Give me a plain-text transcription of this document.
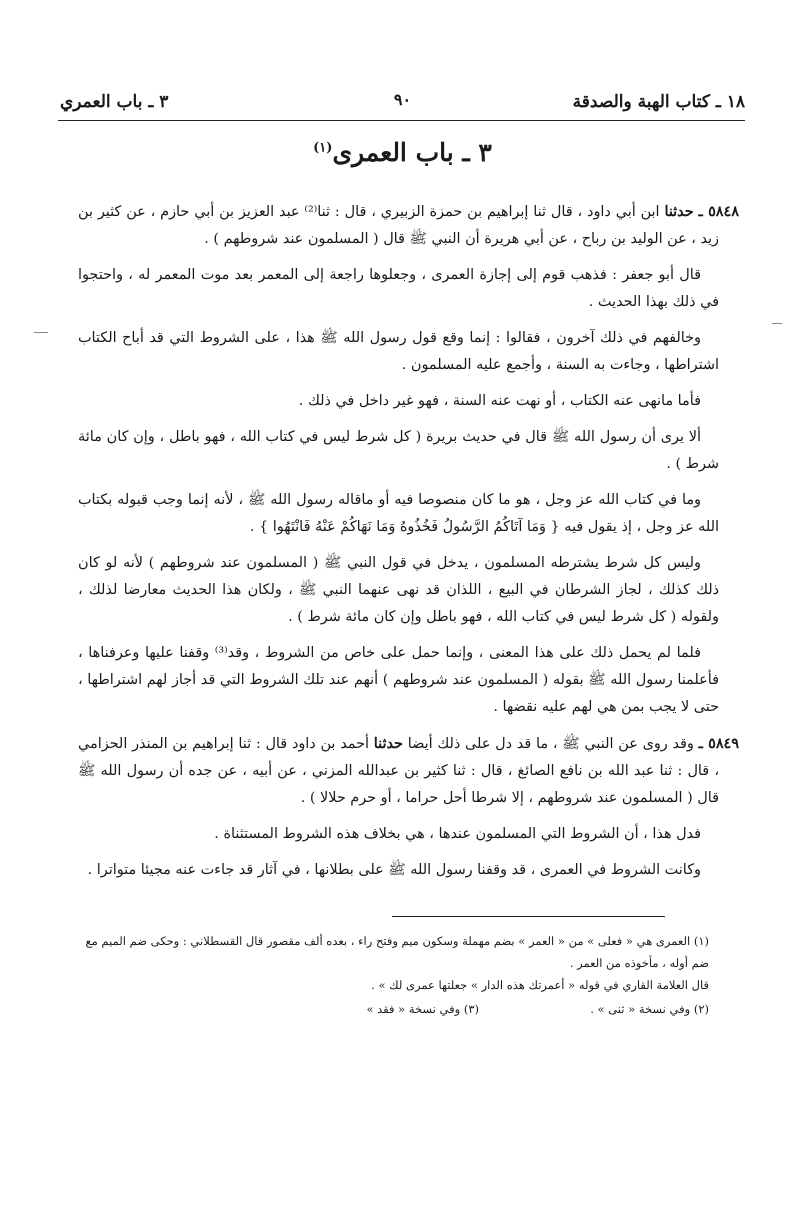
١٨ ـ كتاب الهبة والصدقة
٩٠
٣ ـ باب العمري
٣ ـ باب العمرى$^{(١)}$

٥٨٤٨ ـ حدثنا ابن أبي داود ، قال ثنا إبراهيم بن حمزة الزبيري ، قال : ثنا⁽²⁾ عبد العزيز بن أبي حازم ، عن كثير بن زيد ، عن الوليد بن رباح ، عن أبي هريرة أن النبي ﷺ قال ( المسلمون عند شروطهم ) .

قال أبو جعفر : فذهب قوم إلى إجازة العمرى ، وجعلوها راجعة إلى المعمر بعد موت المعمر له ، واحتجوا في ذلك بهذا الحديث .

وخالفهم في ذلك آخرون ، فقالوا : إنما وقع قول رسول الله ﷺ هذا ، على الشروط التي قد أباح الكتاب اشتراطها ، وجاءت به السنة ، وأجمع عليه المسلمون .

فأما مانهى عنه الكتاب ، أو نهت عنه السنة ، فهو غير داخل في ذلك .

ألا يرى أن رسول الله ﷺ قال في حديث بريرة ( كل شرط ليس في كتاب الله ، فهو باطل ، وإن كان مائة شرط ) .

وما في كتاب الله عز وجل ، هو ما كان منصوصا فيه أو ماقاله رسول الله ﷺ ، لأنه إنما وجب قبوله بكتاب الله عز وجل ، إذ يقول فيه { وَمَا آتَاكُمُ الرَّسُولُ فَخُذُوهُ وَمَا نَهَاكُمْ عَنْهُ فَانْتَهُوا } .

وليس كل شرط يشترطه المسلمون ، يدخل في قول النبي ﷺ ( المسلمون عند شروطهم ) لأنه لو كان ذلك كذلك ، لجاز الشرطان في البيع ، اللذان قد نهى عنهما النبي ﷺ ، ولكان هذا الحديث معارضا لذلك ، ولقوله ( كل شرط ليس في كتاب الله ، فهو باطل وإن كان مائة شرط ) .

فلما لم يحمل ذلك على هذا المعنى ، وإنما حمل على خاص من الشروط ، وقد⁽³⁾ وقفنا عليها وعرفناها ، فأعلمنا رسول الله ﷺ بقوله ( المسلمون عند شروطهم ) أنهم عند تلك الشروط التي قد أجاز لهم اشتراطها ، حتى لا يجب بمن هي لهم عليه نقضها .

٥٨٤٩ ـ وقد روى عن النبي ﷺ ، ما قد دل على ذلك أيضا حدثنا أحمد بن داود قال : ثنا إبراهيم بن المنذر الحزامي ، قال : ثنا عبد الله بن نافع الصائغ ، قال : ثنا كثير بن عبدالله المزني ، عن أبيه ، عن جده أن رسول الله ﷺ قال ( المسلمون عند شروطهم ، إلا شرطا أحل حراما ، أو حرم حلالا ) .

فدل هذا ، أن الشروط التي المسلمون عندها ، هي بخلاف هذه الشروط المستثناة .

وكانت الشروط في العمرى ، قد وقفنا رسول الله ﷺ على بطلانها ، في آثار قد جاءت عنه مجيئا متواترا .

(١) العمرى هي « فعلى » من « العمر » بضم مهملة وسكون ميم وفتح راء ، بعده ألف مقصور قال القسطلاني : وحكى ضم الميم مع ضم أوله ، مأخوذه من العمر .

قال العلامة القاري في قوله « أعمرتك هذه الدار » جعلتها عمرى لك » .

(٢) وفي نسخة « ثنى » .
(٣) وفي نسخة « فقد »
